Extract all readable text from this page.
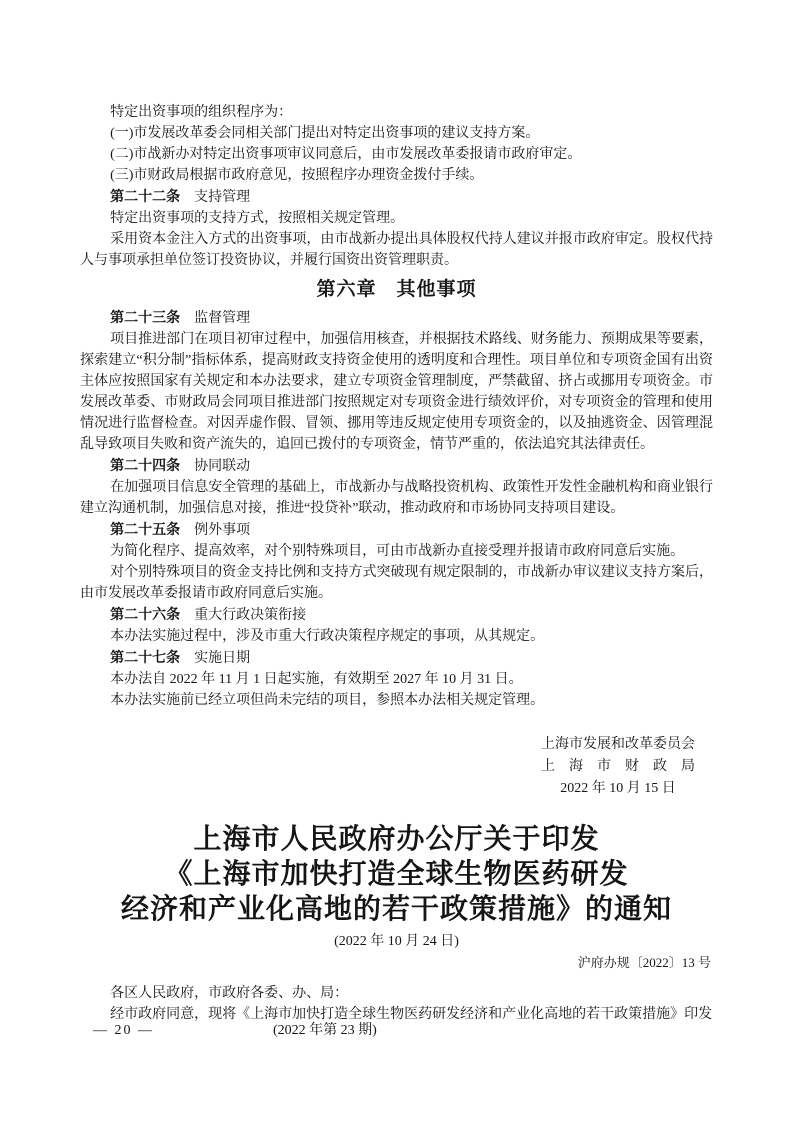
特定出资事项的组织程序为：

(一)市发展改革委会同相关部门提出对特定出资事项的建议支持方案。

(二)市战新办对特定出资事项审议同意后，由市发展改革委报请市政府审定。

(三)市财政局根据市政府意见，按照程序办理资金拨付手续。

第二十二条 支持管理

特定出资事项的支持方式，按照相关规定管理。

采用资本金注入方式的出资事项，由市战新办提出具体股权代持人建议并报市政府审定。股权代持人与事项承担单位签订投资协议，并履行国资出资管理职责。

第六章　其他事项

第二十三条 监督管理

项目推进部门在项目初审过程中，加强信用核查，并根据技术路线、财务能力、预期成果等要素，探索建立“积分制”指标体系，提高财政支持资金使用的透明度和合理性。项目单位和专项资金国有出资主体应按照国家有关规定和本办法要求，建立专项资金管理制度，严禁截留、挤占或挪用专项资金。市发展改革委、市财政局会同项目推进部门按照规定对专项资金进行绩效评价，对专项资金的管理和使用情况进行监督检查。对因弄虚作假、冒领、挪用等违反规定使用专项资金的，以及抽逃资金、因管理混乱导致项目失败和资产流失的，追回已拨付的专项资金，情节严重的，依法追究其法律责任。

第二十四条 协同联动

在加强项目信息安全管理的基础上，市战新办与战略投资机构、政策性开发性金融机构和商业银行建立沟通机制，加强信息对接，推进“投贷补”联动，推动政府和市场协同支持项目建设。

第二十五条 例外事项

为简化程序、提高效率，对个别特殊项目，可由市战新办直接受理并报请市政府同意后实施。

对个别特殊项目的资金支持比例和支持方式突破现有规定限制的，市战新办审议建议支持方案后，由市发展改革委报请市政府同意后实施。

第二十六条 重大行政决策衔接

本办法实施过程中，涉及市重大行政决策程序规定的事项，从其规定。

第二十七条 实施日期

本办法自 2022 年 11 月 1 日起实施，有效期至 2027 年 10 月 31 日。

本办法实施前已经立项但尚未完结的项目，参照本办法相关规定管理。

上海市发展和改革委员会
上海市财政局
2022 年 10 月 15 日
上海市人民政府办公厅关于印发
《上海市加快打造全球生物医药研发
经济和产业化高地的若干政策措施》的通知

(2022 年 10 月 24 日)

沪府办规〔2022〕13 号

各区人民政府，市政府各委、办、局：

经市政府同意，现将《上海市加快打造全球生物医药研发经济和产业化高地的若干政策措施》印发

— 20 —	(2022 年第 23 期)
